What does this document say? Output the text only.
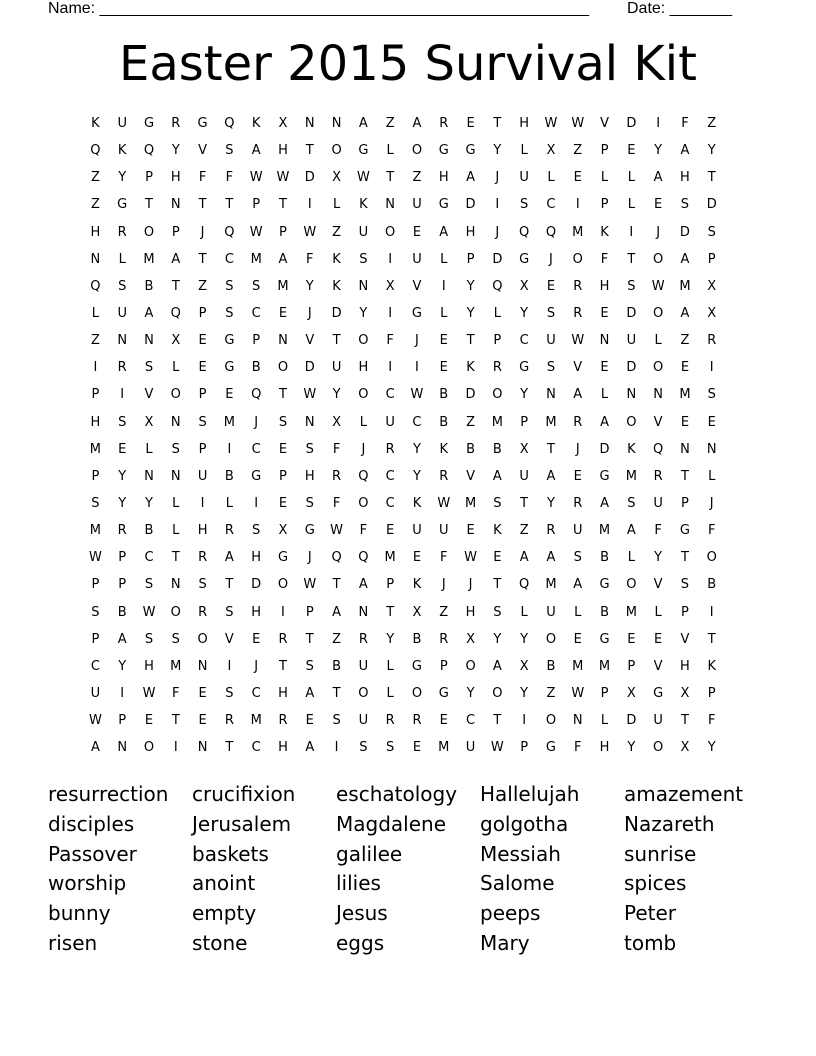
Name: _______________________________________________________ Date: _______
Easter 2015 Survival Kit
K	U	G	R	G	Q	K	X	N	N	A	Z	A	R	E	T	H	W	W	V	D	I	F	Z
Q	K	Q	Y	V	S	A	H	T	O	G	L	O	G	G	Y	L	X	Z	P	E	Y	A	Y
Z	Y	P	H	F	F	W	W	D	X	W	T	Z	H	A	J	U	L	E	L	L	A	H	T
Z	G	T	N	T	T	P	T	I	L	K	N	U	G	D	I	S	C	I	P	L	E	S	D
H	R	O	P	J	Q	W	P	W	Z	U	O	E	A	H	J	Q	Q	M	K	I	J	D	S
N	L	M	A	T	C	M	A	F	K	S	I	U	L	P	D	G	J	O	F	T	O	A	P
Q	S	B	T	Z	S	S	M	Y	K	N	X	V	I	Y	Q	X	E	R	H	S	W	M	X
L	U	A	Q	P	S	C	E	J	D	Y	I	G	L	Y	L	Y	S	R	E	D	O	A	X
Z	N	N	X	E	G	P	N	V	T	O	F	J	E	T	P	C	U	W	N	U	L	Z	R
I	R	S	L	E	G	B	O	D	U	H	I	I	E	K	R	G	S	V	E	D	O	E	I
P	I	V	O	P	E	Q	T	W	Y	O	C	W	B	D	O	Y	N	A	L	N	N	M	S
H	S	X	N	S	M	J	S	N	X	L	U	C	B	Z	M	P	M	R	A	O	V	E	E
M	E	L	S	P	I	C	E	S	F	J	R	Y	K	B	B	X	T	J	D	K	Q	N	N
P	Y	N	N	U	B	G	P	H	R	Q	C	Y	R	V	A	U	A	E	G	M	R	T	L
S	Y	Y	L	I	L	I	E	S	F	O	C	K	W	M	S	T	Y	R	A	S	U	P	J
M	R	B	L	H	R	S	X	G	W	F	E	U	U	E	K	Z	R	U	M	A	F	G	F
W	P	C	T	R	A	H	G	J	Q	Q	M	E	F	W	E	A	A	S	B	L	Y	T	O
P	P	S	N	S	T	D	O	W	T	A	P	K	J	J	T	Q	M	A	G	O	V	S	B
S	B	W	O	R	S	H	I	P	A	N	T	X	Z	H	S	L	U	L	B	M	L	P	I
P	A	S	S	O	V	E	R	T	Z	R	Y	B	R	X	Y	Y	O	E	G	E	E	V	T
C	Y	H	M	N	I	J	T	S	B	U	L	G	P	O	A	X	B	M	M	P	V	H	K
U	I	W	F	E	S	C	H	A	T	O	L	O	G	Y	O	Y	Z	W	P	X	G	X	P
W	P	E	T	E	R	M	R	E	S	U	R	R	E	C	T	I	O	N	L	D	U	T	F
A	N	O	I	N	T	C	H	A	I	S	S	E	M	U	W	P	G	F	H	Y	O	X	Y
resurrection	crucifixion	eschatology	Hallelujah	amazement
disciples	Jerusalem	Magdalene	golgotha	Nazareth
Passover	baskets	galilee	Messiah	sunrise
worship	anoint	lilies	Salome	spices
bunny	empty	Jesus	peeps	Peter
risen	stone	eggs	Mary	tomb
